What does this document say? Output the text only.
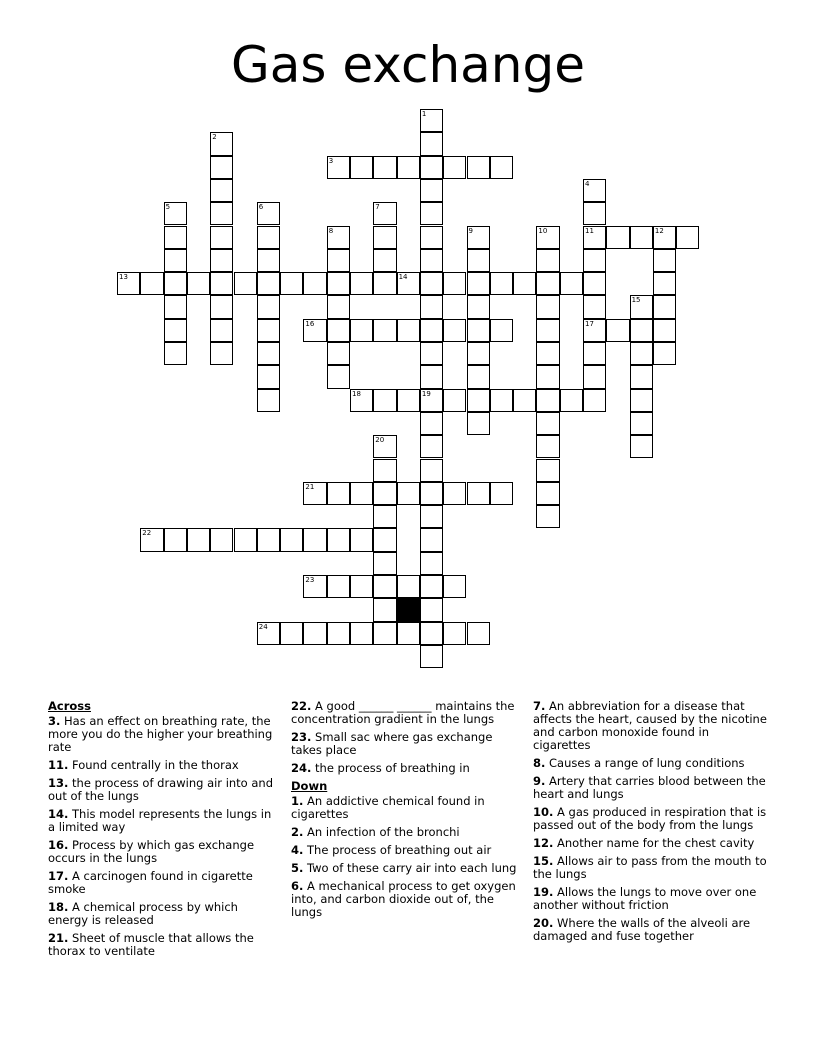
Gas exchange
1
19
2
3
4
11
17
5	6	7
8	9	10	12
13	14
15
16
18
20
21
22
23
24
Across
3. Has an effect on breathing rate, the more you do the higher your breathing rate
11. Found centrally in the thorax
13. the process of drawing air into and out of the lungs
14. This model represents the lungs in a limited way
16. Process by which gas exchange occurs in the lungs
17. A carcinogen found in cigarette smoke
18. A chemical process by which energy is released
21. Sheet of muscle that allows the thorax to ventilate
22. A good ______ ______ maintains the concentration gradient in the lungs
23. Small sac where gas exchange takes place
24. the process of breathing in
Down
1. An addictive chemical found in cigarettes
2. An infection of the bronchi
4. The process of breathing out air
5. Two of these carry air into each lung
6. A mechanical process to get oxygen into, and carbon dioxide out of, the lungs
7. An abbreviation for a disease that affects the heart, caused by the nicotine and carbon monoxide found in cigarettes
8. Causes a range of lung conditions
9. Artery that carries blood between the heart and lungs
10. A gas produced in respiration that is passed out of the body from the lungs
12. Another name for the chest cavity
15. Allows air to pass from the mouth to the lungs
19. Allows the lungs to move over one another without friction
20. Where the walls of the alveoli are damaged and fuse together
